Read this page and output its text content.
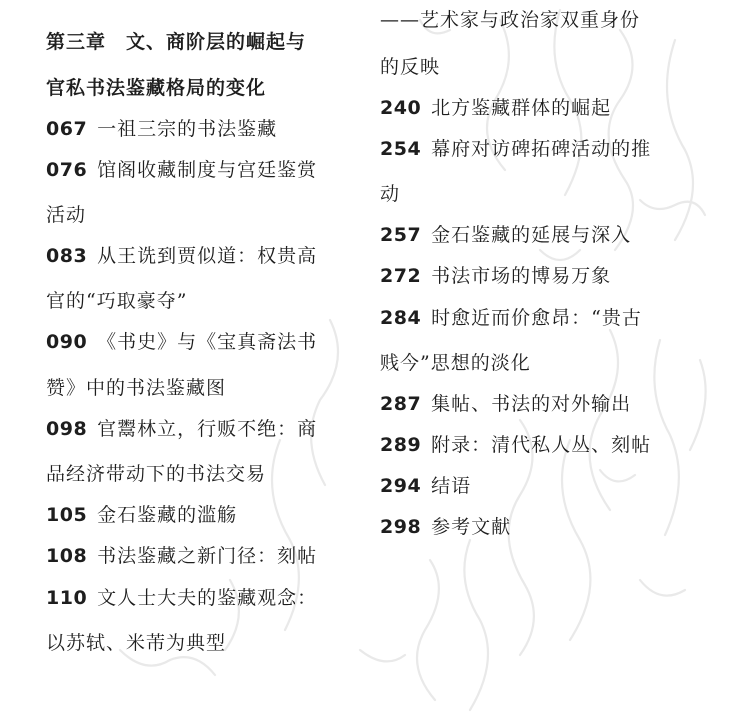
第三章　文、商阶层的崛起与
官私书法鉴藏格局的变化
067 一祖三宗的书法鉴藏
076 馆阁收藏制度与宫廷鉴赏
活动
083 从王诜到贾似道：权贵高
官的“巧取豪夺”
090 《书史》与《宝真斋法书
赞》中的书法鉴藏图
098 官鬻林立，行贩不绝：商
品经济带动下的书法交易
105 金石鉴藏的滥觞
108 书法鉴藏之新门径：刻帖
110 文人士大夫的鉴藏观念：
以苏轼、米芾为典型
——艺术家与政治家双重身份
的反映
240 北方鉴藏群体的崛起
254 幕府对访碑拓碑活动的推
动
257 金石鉴藏的延展与深入
272 书法市场的博易万象
284 时愈近而价愈昂：“贵古
贱今”思想的淡化
287 集帖、书法的对外输出
289 附录：清代私人丛、刻帖
294 结语
298 参考文献
